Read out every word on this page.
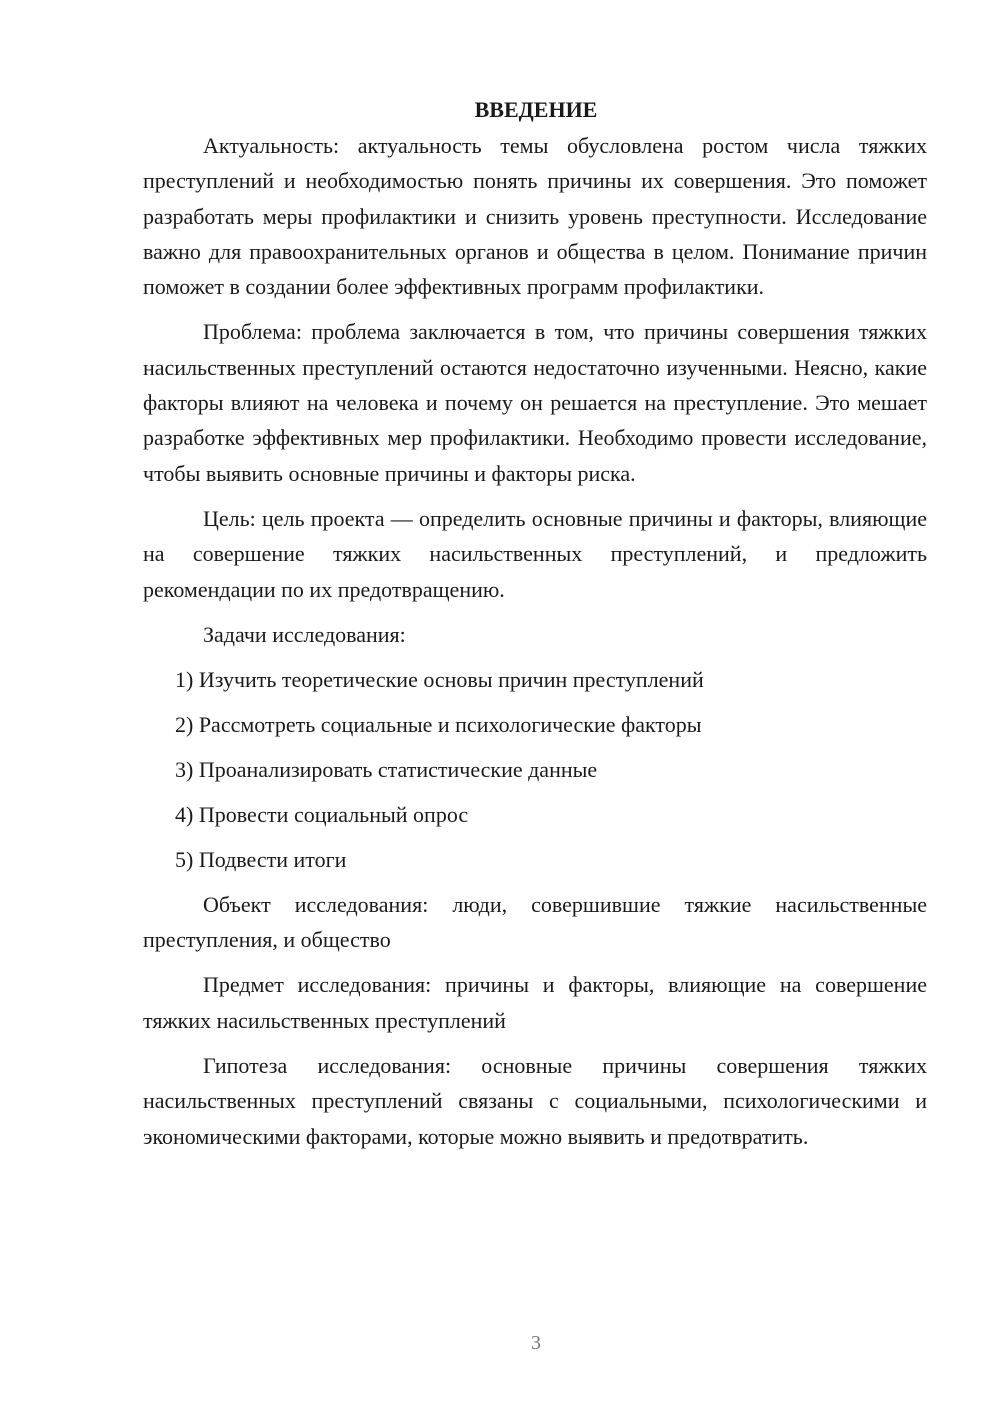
ВВЕДЕНИЕ

Актуальность: актуальность темы обусловлена ростом числа тяжких преступлений и необходимостью понять причины их совершения. Это поможет разработать меры профилактики и снизить уровень преступности. Исследование важно для правоохранительных органов и общества в целом. Понимание причин поможет в создании более эффективных программ профилактики.

Проблема: проблема заключается в том, что причины совершения тяжких насильственных преступлений остаются недостаточно изученными. Неясно, какие факторы влияют на человека и почему он решается на преступление. Это мешает разработке эффективных мер профилактики. Необходимо провести исследование, чтобы выявить основные причины и факторы риска.

Цель: цель проекта — определить основные причины и факторы, влияющие на совершение тяжких насильственных преступлений, и предложить рекомендации по их предотвращению.

Задачи исследования:

1) Изучить теоретические основы причин преступлений
2) Рассмотреть социальные и психологические факторы
3) Проанализировать статистические данные
4) Провести социальный опрос
5) Подвести итоги

Объект исследования: люди, совершившие тяжкие насильственные преступления, и общество

Предмет исследования: причины и факторы, влияющие на совершение тяжких насильственных преступлений

Гипотеза исследования: основные причины совершения тяжких насильственных преступлений связаны с социальными, психологическими и экономическими факторами, которые можно выявить и предотвратить.

3
